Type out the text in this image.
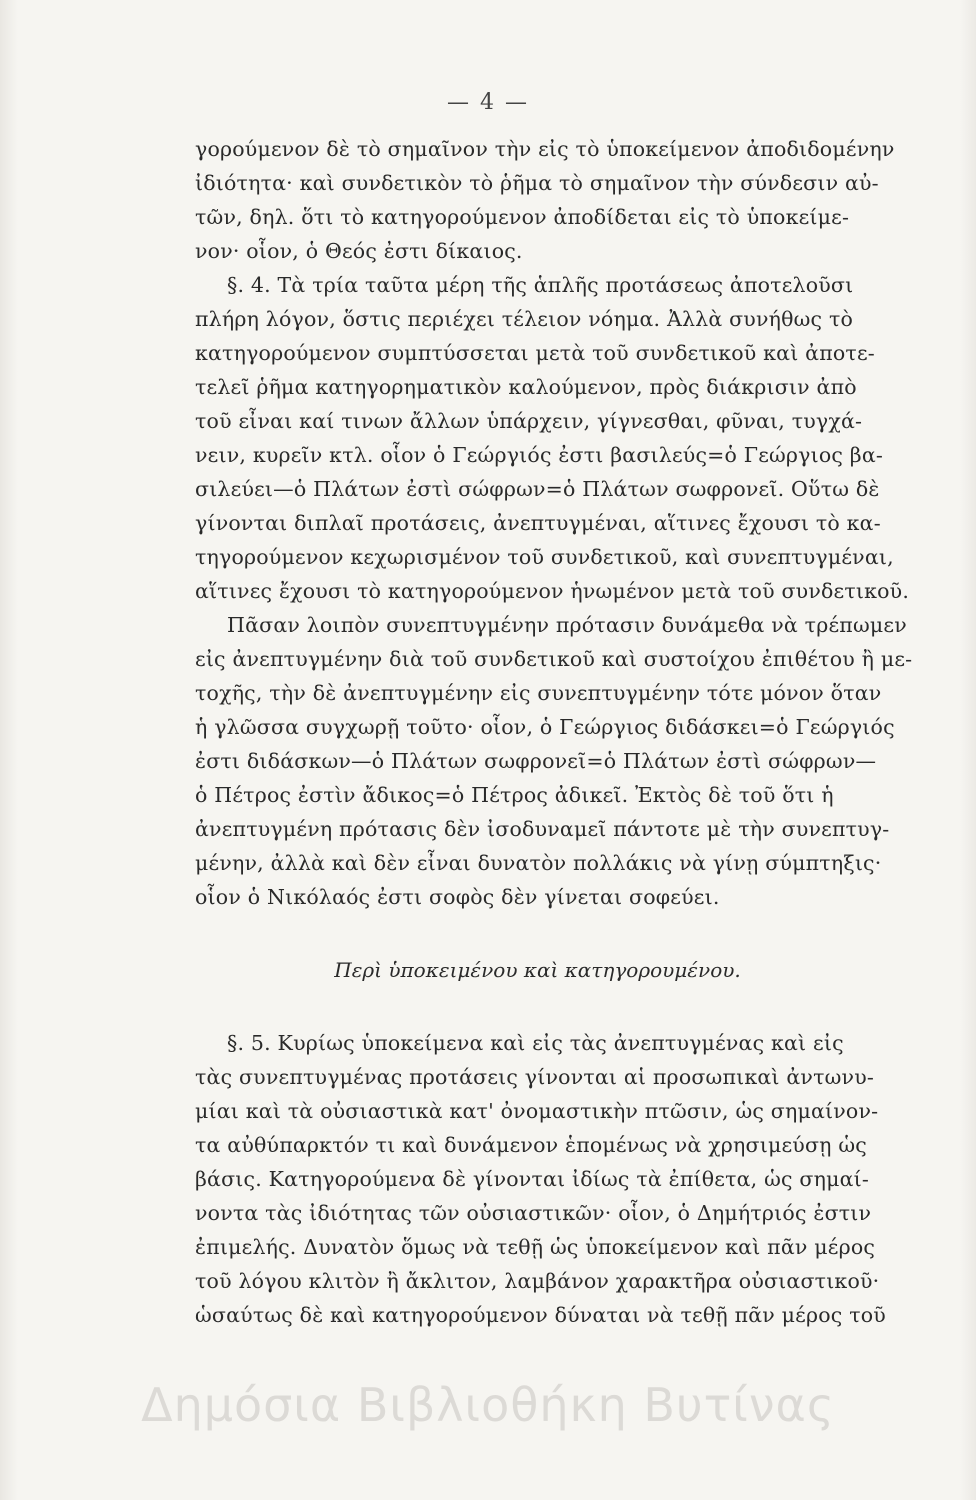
— 4 —
γορούμενον δὲ τὸ σημαῖνον τὴν εἰς τὸ ὑποκείμενον ἀποδιδομένην
ἰδιότητα· καὶ συνδετικὸν τὸ ῥῆμα τὸ σημαῖνον τὴν σύνδεσιν αὐ-
τῶν, δηλ. ὅτι τὸ κατηγορούμενον ἀποδίδεται εἰς τὸ ὑποκείμε-
νον· οἷον, ὁ Θεός ἐστι δίκαιος.
§. 4. Τὰ τρία ταῦτα μέρη τῆς ἁπλῆς προτάσεως ἀποτελοῦσι
πλήρη λόγον, ὅστις περιέχει τέλειον νόημα. Ἀλλὰ συνήθως τὸ
κατηγορούμενον συμπτύσσεται μετὰ τοῦ συνδετικοῦ καὶ ἀποτε-
τελεῖ ῥῆμα κατηγορηματικὸν καλούμενον, πρὸς διάκρισιν ἀπὸ
τοῦ εἶναι καί τινων ἄλλων ὑπάρχειν, γίγνεσθαι, φῦναι, τυγχά-
νειν, κυρεῖν κτλ. οἷον ὁ Γεώργιός ἐστι βασιλεύς=ὁ Γεώργιος βα-
σιλεύει—ὁ Πλάτων ἐστὶ σώφρων=ὁ Πλάτων σωφρονεῖ. Οὕτω δὲ
γίνονται διπλαῖ προτάσεις, ἀνεπτυγμέναι, αἵτινες ἔχουσι τὸ κα-
τηγορούμενον κεχωρισμένον τοῦ συνδετικοῦ, καὶ συνεπτυγμέναι,
αἵτινες ἔχουσι τὸ κατηγορούμενον ἡνωμένον μετὰ τοῦ συνδετικοῦ.
Πᾶσαν λοιπὸν συνεπτυγμένην πρότασιν δυνάμεθα νὰ τρέπωμεν
εἰς ἀνεπτυγμένην διὰ τοῦ συνδετικοῦ καὶ συστοίχου ἐπιθέτου ἢ με-
τοχῆς, τὴν δὲ ἀνεπτυγμένην εἰς συνεπτυγμένην τότε μόνον ὅταν
ἡ γλῶσσα συγχωρῇ τοῦτο· οἷον, ὁ Γεώργιος διδάσκει=ὁ Γεώργιός
ἐστι διδάσκων—ὁ Πλάτων σωφρονεῖ=ὁ Πλάτων ἐστὶ σώφρων—
ὁ Πέτρος ἐστὶν ἄδικος=ὁ Πέτρος ἀδικεῖ. Ἐκτὸς δὲ τοῦ ὅτι ἡ
ἀνεπτυγμένη πρότασις δὲν ἰσοδυναμεῖ πάντοτε μὲ τὴν συνεπτυγ-
μένην, ἀλλὰ καὶ δὲν εἶναι δυνατὸν πολλάκις νὰ γίνῃ σύμπτηξις·
οἷον ὁ Νικόλαός ἐστι σοφὸς δὲν γίνεται σοφεύει.
Περὶ ὑποκειμένου καὶ κατηγορουμένου.
§. 5. Κυρίως ὑποκείμενα καὶ εἰς τὰς ἀνεπτυγμένας καὶ εἰς
τὰς συνεπτυγμένας προτάσεις γίνονται αἱ προσωπικαὶ ἀντωνυ-
μίαι καὶ τὰ οὐσιαστικὰ κατ' ὀνομαστικὴν πτῶσιν, ὡς σημαίνον-
τα αὐθύπαρκτόν τι καὶ δυνάμενον ἑπομένως νὰ χρησιμεύσῃ ὡς
βάσις. Κατηγορούμενα δὲ γίνονται ἰδίως τὰ ἐπίθετα, ὡς σημαί-
νοντα τὰς ἰδιότητας τῶν οὐσιαστικῶν· οἷον, ὁ Δημήτριός ἐστιν
ἐπιμελής. Δυνατὸν ὅμως νὰ τεθῇ ὡς ὑποκείμενον καὶ πᾶν μέρος
τοῦ λόγου κλιτὸν ἢ ἄκλιτον, λαμβάνον χαρακτῆρα οὐσιαστικοῦ·
ὡσαύτως δὲ καὶ κατηγορούμενον δύναται νὰ τεθῇ πᾶν μέρος τοῦ
Δημόσια Βιβλιοθήκη Βυτίνας
